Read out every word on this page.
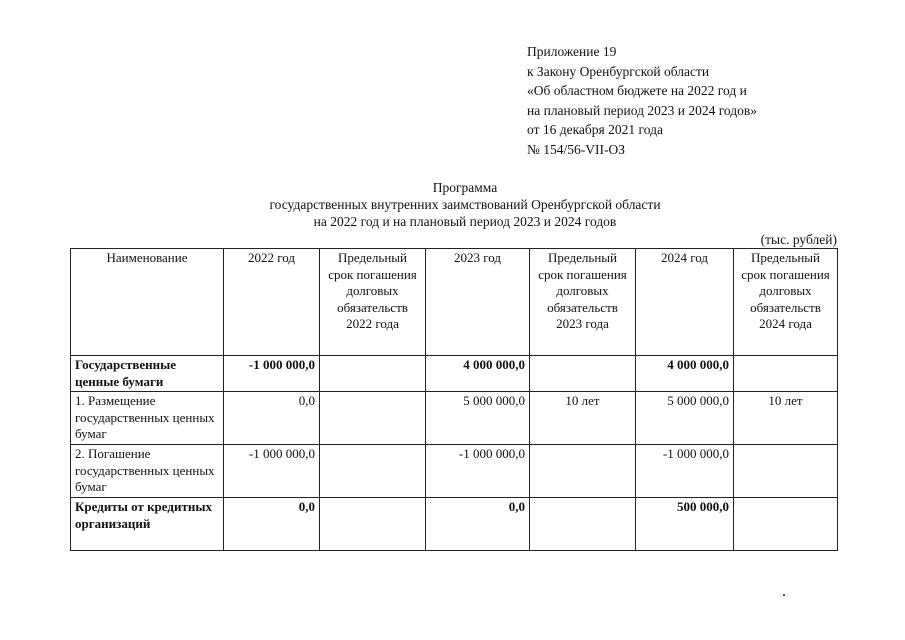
Приложение 19
к Закону Оренбургской области
«Об областном бюджете на 2022 год и
на плановый период 2023 и 2024 годов»
от 16 декабря 2021 года
№ 154/56-VII-ОЗ
Программа
государственных внутренних заимствований Оренбургской области
на 2022 год и на плановый период 2023 и 2024 годов
(тыс. рублей)
Наименование	2022 год	Предельный срок погашения долговых обязательств 2022 года	2023 год	Предельный срок погашения долговых обязательств 2023 года	2024 год	Предельный срок погашения долговых обязательств 2024 года
Государственные ценные бумаги	-1 000 000,0		4 000 000,0		4 000 000,0	
1. Размещение государственных ценных бумаг	0,0		5 000 000,0	10 лет	5 000 000,0	10 лет
2. Погашение государственных ценных бумаг	-1 000 000,0		-1 000 000,0		-1 000 000,0	
Кредиты от кредитных организаций	0,0		0,0		500 000,0	
